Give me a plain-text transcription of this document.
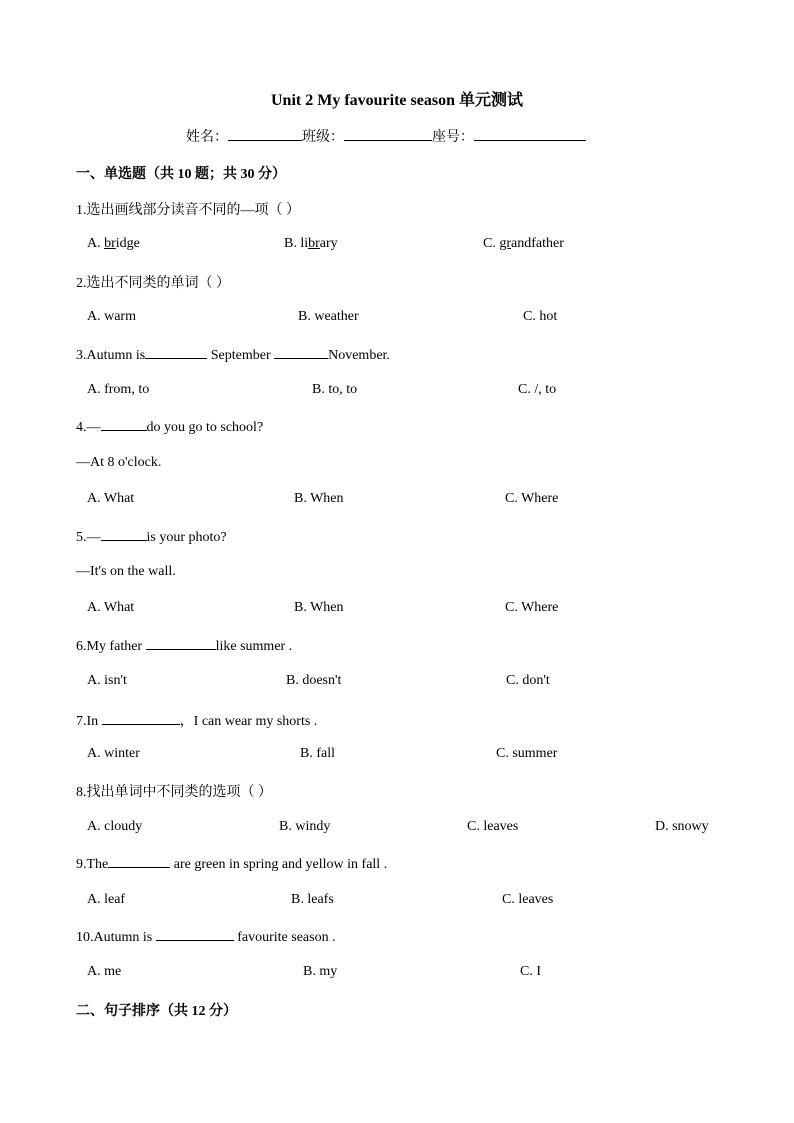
Unit 2 My favourite season 单元测试
姓名：	班级：	座号：
一、单选题（共 10 题；共 30 分）
1.选出画线部分读音不同的—项（ ）
A. bridge	B. library	C. grandfather
2.选出不同类的单词（ ）
A. warm	B. weather	C. hot
3.Autumn is	September	November.
A. from, to	B. to, to	C. /, to
4.—	do you go to school?
—At 8 o'clock.
A. What	B. When	C. Where
5.—	is your photo?
—It's on the wall.
A. What	B. When	C. Where
6.My father	like summer .
A. isn't	B. doesn't	C. don't
7.In	，I can wear my shorts .
A. winter	B. fall	C. summer
8.找出单词中不同类的选项（ ）
A. cloudy	B. windy	C. leaves	D. snowy
9.The	are green in spring and yellow in fall .
A. leaf	B. leafs	C. leaves
10.Autumn is	favourite season .
A. me	B. my	C. I
二、句子排序（共 12 分）
